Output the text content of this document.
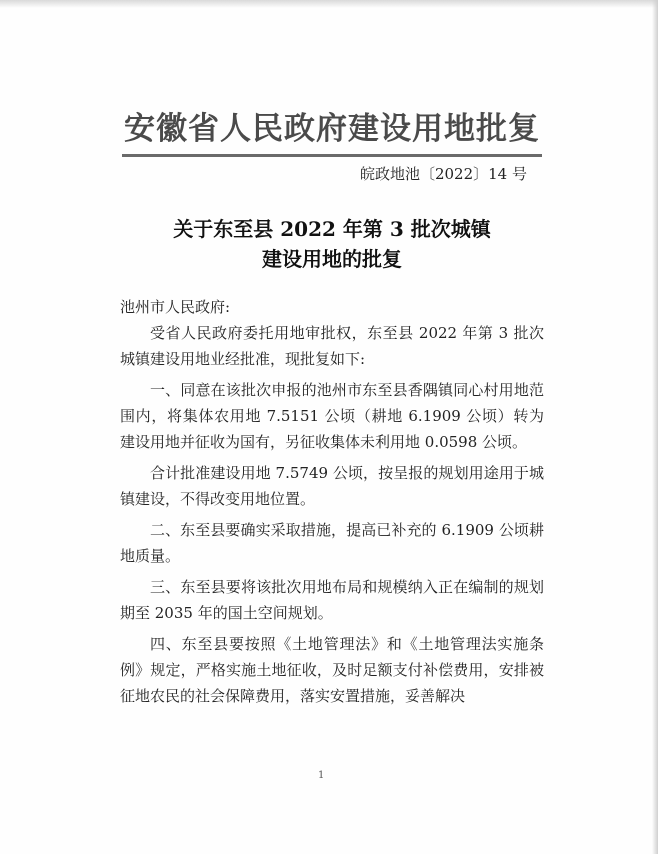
安徽省人民政府建设用地批复
皖政地池〔2022〕14 号
关于东至县 2022 年第 3 批次城镇
建设用地的批复
池州市人民政府:

受省人民政府委托用地审批权，东至县 2022 年第 3 批次城镇建设用地业经批准，现批复如下:

一、同意在该批次申报的池州市东至县香隅镇同心村用地范围内，将集体农用地 7.5151 公顷（耕地 6.1909 公顷）转为建设用地并征收为国有，另征收集体未利用地 0.0598 公顷。

合计批准建设用地 7.5749 公顷，按呈报的规划用途用于城镇建设，不得改变用地位置。

二、东至县要确实采取措施，提高已补充的 6.1909 公顷耕地质量。

三、东至县要将该批次用地布局和规模纳入正在编制的规划期至 2035 年的国土空间规划。

四、东至县要按照《土地管理法》和《土地管理法实施条例》规定，严格实施土地征收，及时足额支付补偿费用，安排被征地农民的社会保障费用，落实安置措施，妥善解决

1
